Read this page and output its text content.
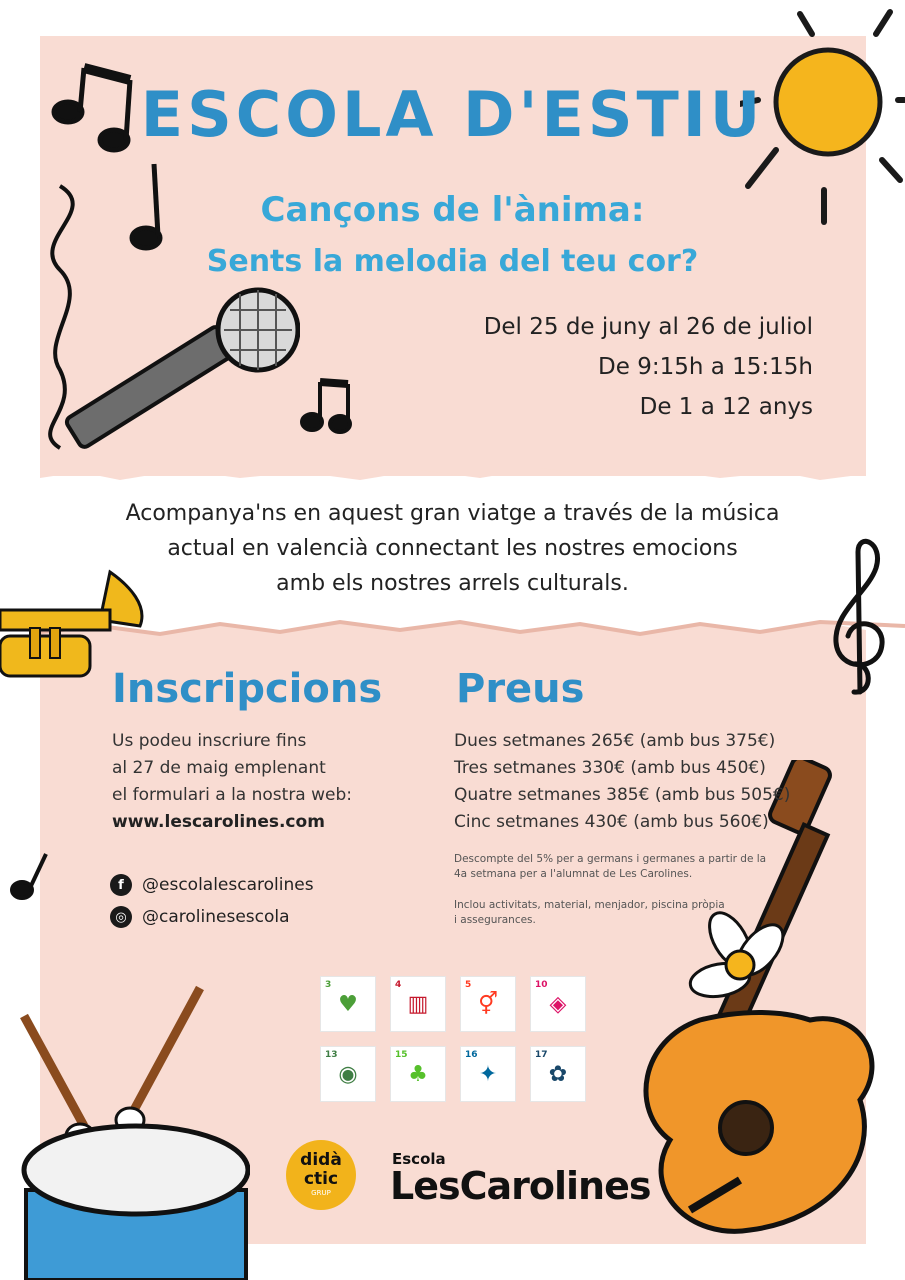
ESCOLA D'ESTIU
Cançons de l'ànima:
Sents la melodia del teu cor?
Del 25 de juny al 26 de juliol
De 9:15h a 15:15h
De 1 a 12 anys
Acompanya'ns en aquest gran viatge a través de la música
actual en valencià connectant les nostres emocions
amb els nostres arrels culturals.
Inscripcions
Us podeu inscriure fins
al 27 de maig emplenant
el formulari a la nostra web:
www.lescarolines.com
f	@escolalescarolines
◎ @carolinesescola
Preus
Dues setmanes 265€ (amb bus 375€)
Tres setmanes 330€ (amb bus 450€)
Quatre setmanes 385€ (amb bus 505€)
Cinc setmanes 430€ (amb bus 560€)
Descompte del 5% per a germans i germanes a partir de la
4a setmana per a l'alumnat de Les Carolines.
Inclou activitats, material, menjador, piscina pròpia
i assegurances.
3
♥
4
▥
5
⚥
10
◈
13
◉
15
♣
16
✦
17
✿
didà
ctic
GRUP
Escola
LesCarolines
